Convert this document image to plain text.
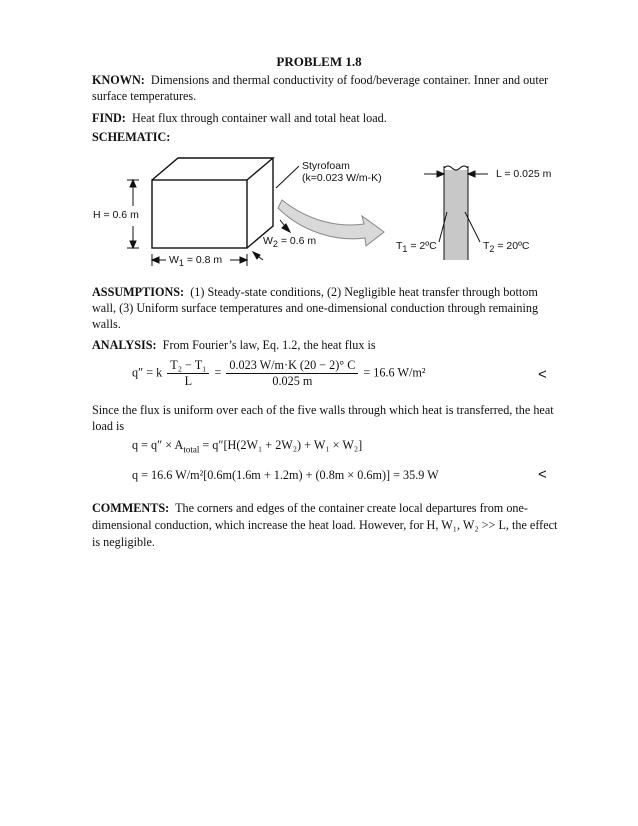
PROBLEM 1.8
KNOWN: Dimensions and thermal conductivity of food/beverage container. Inner and outer surface temperatures.
FIND: Heat flux through container wall and total heat load.
SCHEMATIC:
Styrofoam
(k=0.023 W/m-K)
H = 0.6 m
$W_1 = 0.8$ m
$W_2 = 0.6$ m
L = 0.025 m
$T_1$ = 2ºC	$T_2$ = 20ºC
ASSUMPTIONS: (1) Steady-state conditions, (2) Negligible heat transfer through bottom wall, (3) Uniform surface temperatures and one-dimensional conduction through remaining walls.
ANALYSIS: From Fourier’s law, Eq. 1.2, the heat flux is
q″ = k $\frac{\text{T₂ − T₁}}{L} = \frac{0.023 W/m\cdot K (20 - 2)^\circ C}{0.025 m} = 16.6$ W/m²	<
Since the flux is uniform over each of the five walls through which heat is transferred, the heat load is
$q = q'' \times A_{total} = q''[H(2W_1 + 2W_2) + W_1 \times W_2]$
q = 16.6 W/m²[0.6m(1.6m + 1.2m) + (0.8m × 0.6m)] = 35.9 W	<
COMMENTS: The corners and edges of the container create local departures from one-dimensional conduction, which increase the heat load. However, for H, W₁, W₂ >> L, the effect is negligible.
